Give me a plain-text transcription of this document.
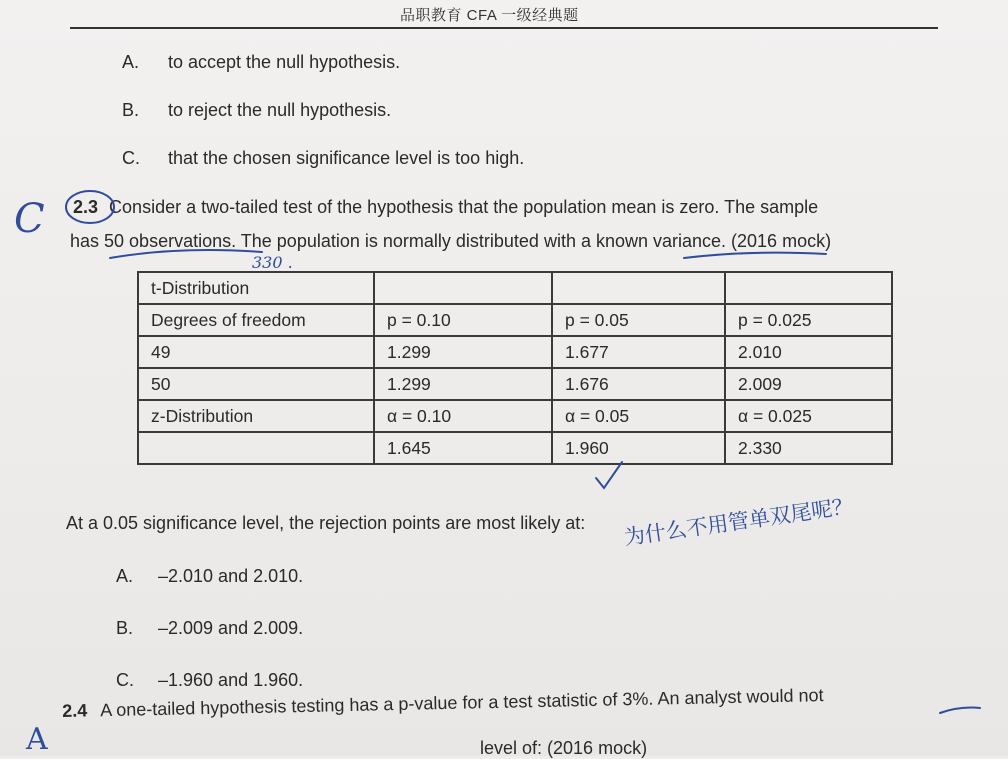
品职教育 CFA 一级经典题
A. to accept the null hypothesis.
B. to reject the null hypothesis.
C. that the chosen significance level is too high.
2.3 Consider a two-tailed test of the hypothesis that the population mean is zero. The sample
has 50 observations. The population is normally distributed with a known variance. (2016 mock)
t-Distribution			
Degrees of freedom	p = 0.10	p = 0.05	p = 0.025
49	1.299	1.677	2.010
50	1.299	1.676	2.009
z-Distribution	α = 0.10	α = 0.05	α = 0.025
	1.645	1.960	2.330
At a 0.05 significance level, the rejection points are most likely at:
A. –2.010 and 2.010.
B. –2.009 and 2.009.
C. –1.960 and 1.960.
2.4 A one-tailed hypothesis testing has a p-value for a test statistic of 3%. An analyst would not
level of: (2016 mock)
C
330 .
为什么不用管单双尾呢？
A
